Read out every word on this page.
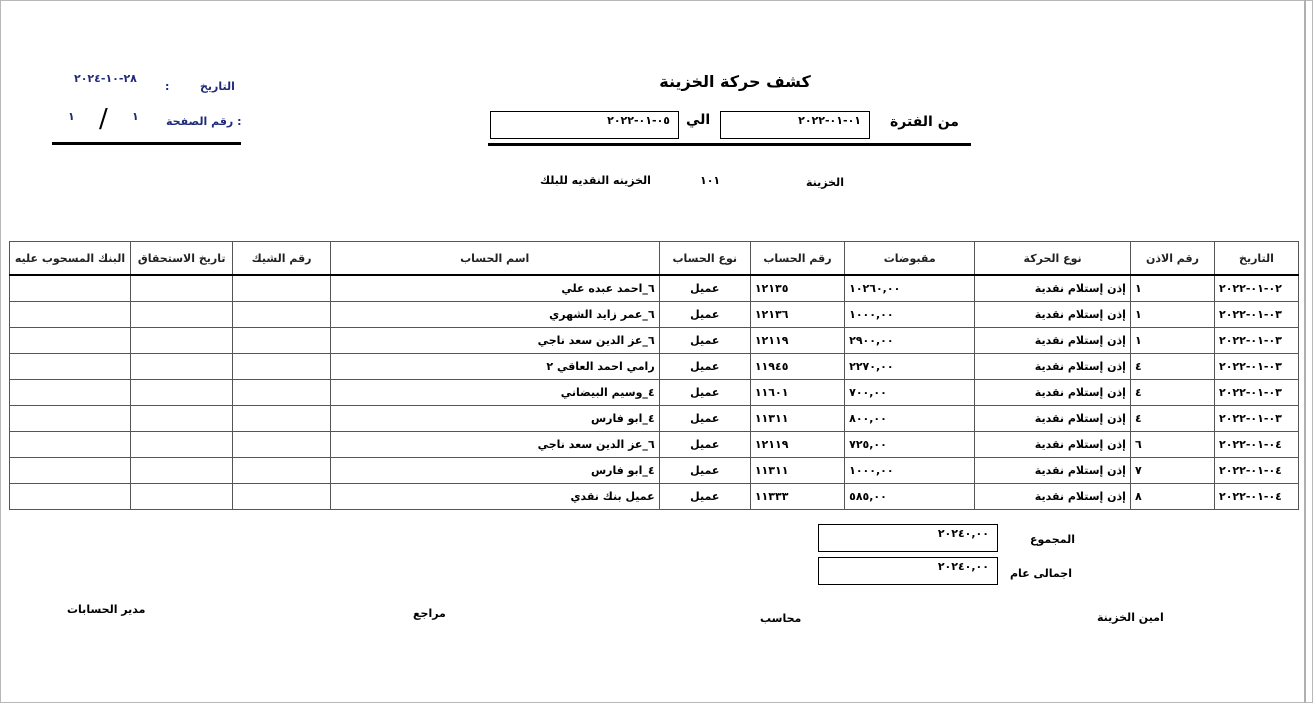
التاريخ
:
٢٨-١٠-٢٠٢٤
رقم الصفحة :
١
/
١
كشف حركة الخزينة
من الفترة
٠١-٠١-٢٠٢٢
الي
٠٥-٠١-٢٠٢٢
الخزينة
١٠١
الخزينه النقديه للبلك
التاريخ	رقم الاذن	نوع الحركة	مقبوضات	رقم الحساب	نوع الحساب	اسم الحساب	رقم الشيك	تاريخ الاستحقاق	البنك المسحوب عليه
٠٢-٠١-٢٠٢٢	١	إذن إستلام نقدية	١٠٢٦٠,٠٠	١٢١٣٥	عميل	٦_احمد عبده علي			
٠٣-٠١-٢٠٢٢	١	إذن إستلام نقدية	١٠٠٠,٠٠	١٢١٣٦	عميل	٦_عمر زايد الشهري			
٠٣-٠١-٢٠٢٢	١	إذن إستلام نقدية	٢٩٠٠,٠٠	١٢١١٩	عميل	٦_عز الدين سعد ناجي			
٠٣-٠١-٢٠٢٢	٤	إذن إستلام نقدية	٢٢٧٠,٠٠	١١٩٤٥	عميل	رامي احمد العاقي ٢			
٠٣-٠١-٢٠٢٢	٤	إذن إستلام نقدية	٧٠٠,٠٠	١١٦٠١	عميل	٤_وسيم البيضاني			
٠٣-٠١-٢٠٢٢	٤	إذن إستلام نقدية	٨٠٠,٠٠	١١٣١١	عميل	٤_ابو فارس			
٠٤-٠١-٢٠٢٢	٦	إذن إستلام نقدية	٧٢٥,٠٠	١٢١١٩	عميل	٦_عز الدين سعد ناجي			
٠٤-٠١-٢٠٢٢	٧	إذن إستلام نقدية	١٠٠٠,٠٠	١١٣١١	عميل	٤_ابو فارس			
٠٤-٠١-٢٠٢٢	٨	إذن إستلام نقدية	٥٨٥,٠٠	١١٣٣٣	عميل	عميل بنك نقدي			
المجموع
٢٠٢٤٠,٠٠
اجمالى عام
٢٠٢٤٠,٠٠
امين الخزينة
محاسب
مراجع
مدير الحسابات
